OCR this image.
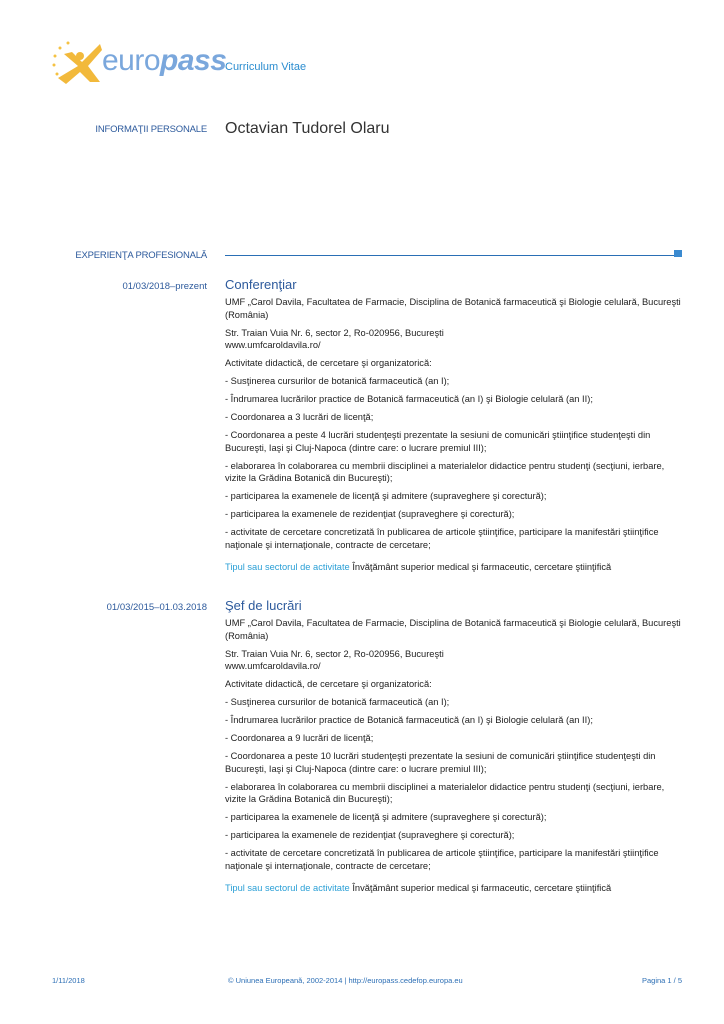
europass
Curriculum Vitae
INFORMAŢII PERSONALE Octavian Tudorel Olaru
EXPERIENŢA PROFESIONALĂ
01/03/2018–prezent Conferenţiar

UMF „Carol Davila, Facultatea de Farmacie, Disciplina de Botanică farmaceutică şi Biologie celulară, Bucureşti (România)

Str. Traian Vuia Nr. 6, sector 2, Ro-020956, Bucureşti
www.umfcaroldavila.ro/

Activitate didactică, de cercetare şi organizatorică:

- Susţinerea cursurilor de botanică farmaceutică (an I);

- Îndrumarea lucrărilor practice de Botanică farmaceutică (an I) şi Biologie celulară (an II);

- Coordonarea a 3 lucrări de licenţă;

- Coordonarea a peste 4 lucrări studenţeşti prezentate la sesiuni de comunicări ştiinţifice studenţeşti din Bucureşti, Iaşi şi Cluj-Napoca (dintre care: o lucrare premiul III);

- elaborarea în colaborarea cu membrii disciplinei a materialelor didactice pentru studenţi (secţiuni, ierbare, vizite la Grădina Botanică din Bucureşti);

- participarea la examenele de licenţă şi admitere (supraveghere şi corectură);

- participarea la examenele de rezidenţiat (supraveghere şi corectură);

- activitate de cercetare concretizată în publicarea de articole ştiinţifice, participare la manifestări ştiinţifice naţionale şi internaţionale, contracte de cercetare;

Tipul sau sectorul de activitate Învăţământ superior medical şi farmaceutic, cercetare ştiinţifică

01/03/2015–01.03.2018 Şef de lucrări

UMF „Carol Davila, Facultatea de Farmacie, Disciplina de Botanică farmaceutică şi Biologie celulară, Bucureşti (România)

Str. Traian Vuia Nr. 6, sector 2, Ro-020956, Bucureşti
www.umfcaroldavila.ro/

Activitate didactică, de cercetare şi organizatorică:

- Susţinerea cursurilor de botanică farmaceutică (an I);

- Îndrumarea lucrărilor practice de Botanică farmaceutică (an I) şi Biologie celulară (an II);

- Coordonarea a 9 lucrări de licenţă;

- Coordonarea a peste 10 lucrări studenţeşti prezentate la sesiuni de comunicări ştiinţifice studenţeşti din Bucureşti, Iaşi şi Cluj-Napoca (dintre care: o lucrare premiul III);

- elaborarea în colaborarea cu membrii disciplinei a materialelor didactice pentru studenţi (secţiuni, ierbare, vizite la Grădina Botanică din Bucureşti);

- participarea la examenele de licenţă şi admitere (supraveghere şi corectură);

- participarea la examenele de rezidenţiat (supraveghere şi corectură);

- activitate de cercetare concretizată în publicarea de articole ştiinţifice, participare la manifestări ştiinţifice naţionale şi internaţionale, contracte de cercetare;

Tipul sau sectorul de activitate Învăţământ superior medical şi farmaceutic, cercetare ştiinţifică

1/11/2018	© Uniunea Europeană, 2002-2014 | http://europass.cedefop.europa.eu	Pagina 1 / 5
